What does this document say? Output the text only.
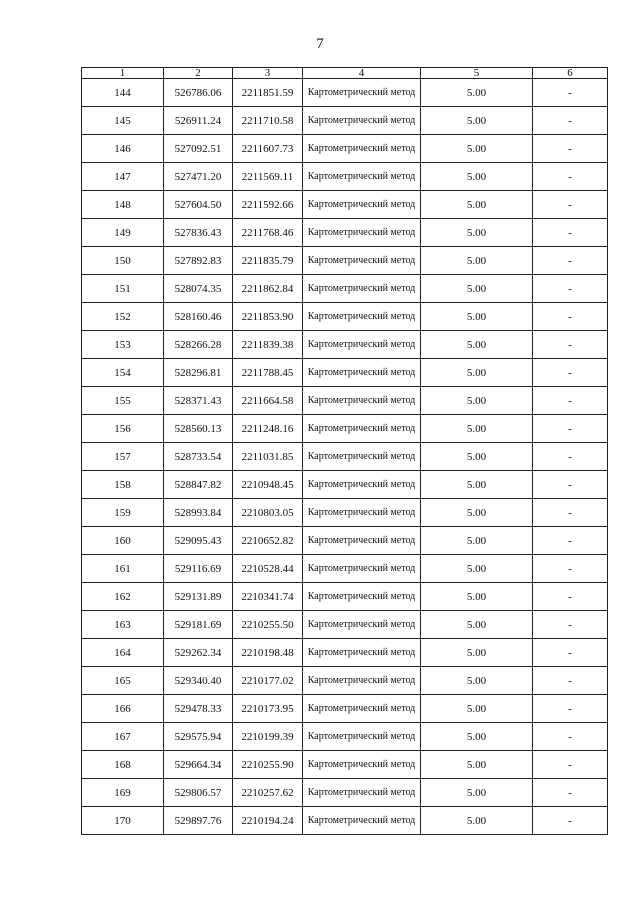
7
1	2	3	4	5	6
144	526786.06	2211851.59	Картометрический метод	5.00	-
145	526911.24	2211710.58	Картометрический метод	5.00	-
146	527092.51	2211607.73	Картометрический метод	5.00	-
147	527471.20	2211569.11	Картометрический метод	5.00	-
148	527604.50	2211592.66	Картометрический метод	5.00	-
149	527836.43	2211768.46	Картометрический метод	5.00	-
150	527892.83	2211835.79	Картометрический метод	5.00	-
151	528074.35	2211862.84	Картометрический метод	5.00	-
152	528160.46	2211853.90	Картометрический метод	5.00	-
153	528266.28	2211839.38	Картометрический метод	5.00	-
154	528296.81	2211788.45	Картометрический метод	5.00	-
155	528371.43	2211664.58	Картометрический метод	5.00	-
156	528560.13	2211248.16	Картометрический метод	5.00	-
157	528733.54	2211031.85	Картометрический метод	5.00	-
158	528847.82	2210948.45	Картометрический метод	5.00	-
159	528993.84	2210803.05	Картометрический метод	5.00	-
160	529095.43	2210652.82	Картометрический метод	5.00	-
161	529116.69	2210528.44	Картометрический метод	5.00	-
162	529131.89	2210341.74	Картометрический метод	5.00	-
163	529181.69	2210255.50	Картометрический метод	5.00	-
164	529262.34	2210198.48	Картометрический метод	5.00	-
165	529340.40	2210177.02	Картометрический метод	5.00	-
166	529478.33	2210173.95	Картометрический метод	5.00	-
167	529575.94	2210199.39	Картометрический метод	5.00	-
168	529664.34	2210255.90	Картометрический метод	5.00	-
169	529806.57	2210257.62	Картометрический метод	5.00	-
170	529897.76	2210194.24	Картометрический метод	5.00	-
